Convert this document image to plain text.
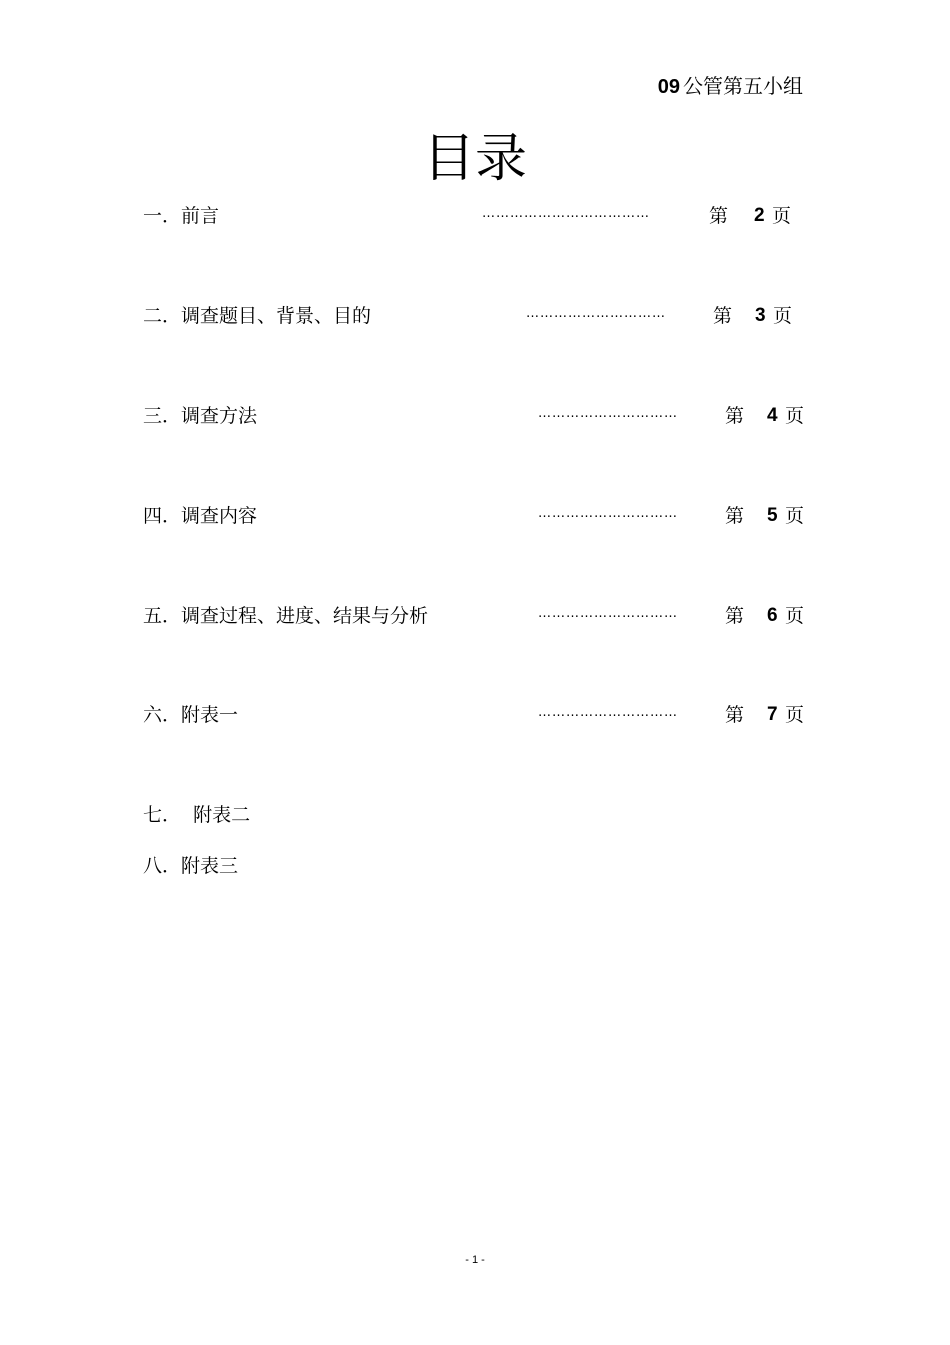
09 公管第五小组
目录
一．前言	………………………………	第 2 页
二．调查题目、背景、目的	………………………… 第 3 页
三．调查方法	………………………… 第 4 页
四．调查内容	………………………… 第 5 页
五．调查过程、进度、结果与分析	………………………… 第 6 页
六．附表一	………………………… 第 7 页
七．  附表二
八．附表三
- 1 -
